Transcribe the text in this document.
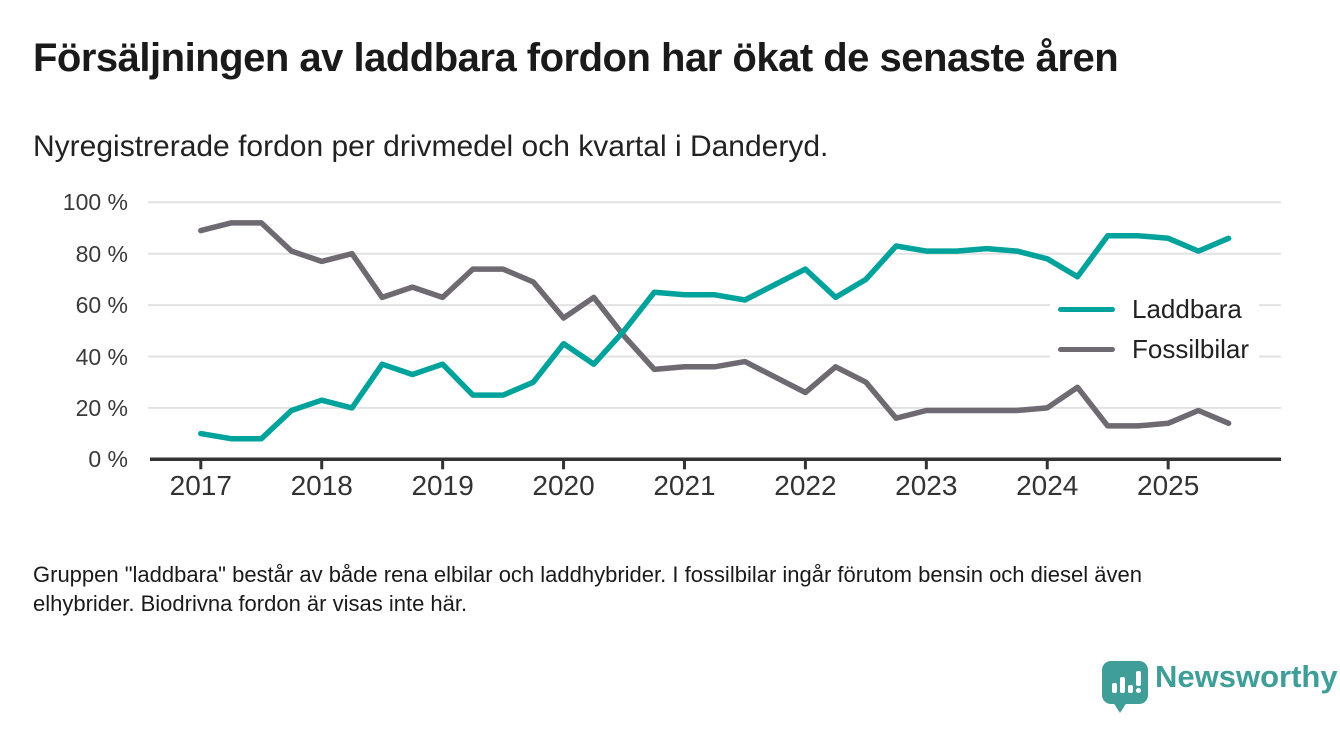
Försäljningen av laddbara fordon har ökat de senaste åren
Nyregistrerade fordon per drivmedel och kvartal i Danderyd.
0 %
20 %
40 %
60 %
80 %
100 %
2017 2018 2019 2020 2021 2022 2023 2024 2025
Laddbara
Fossilbilar
Gruppen "laddbara" består av både rena elbilar och laddhybrider. I fossilbilar ingår förutom bensin och diesel även
elhybrider. Biodrivna fordon är visas inte här.
Newsworthy
